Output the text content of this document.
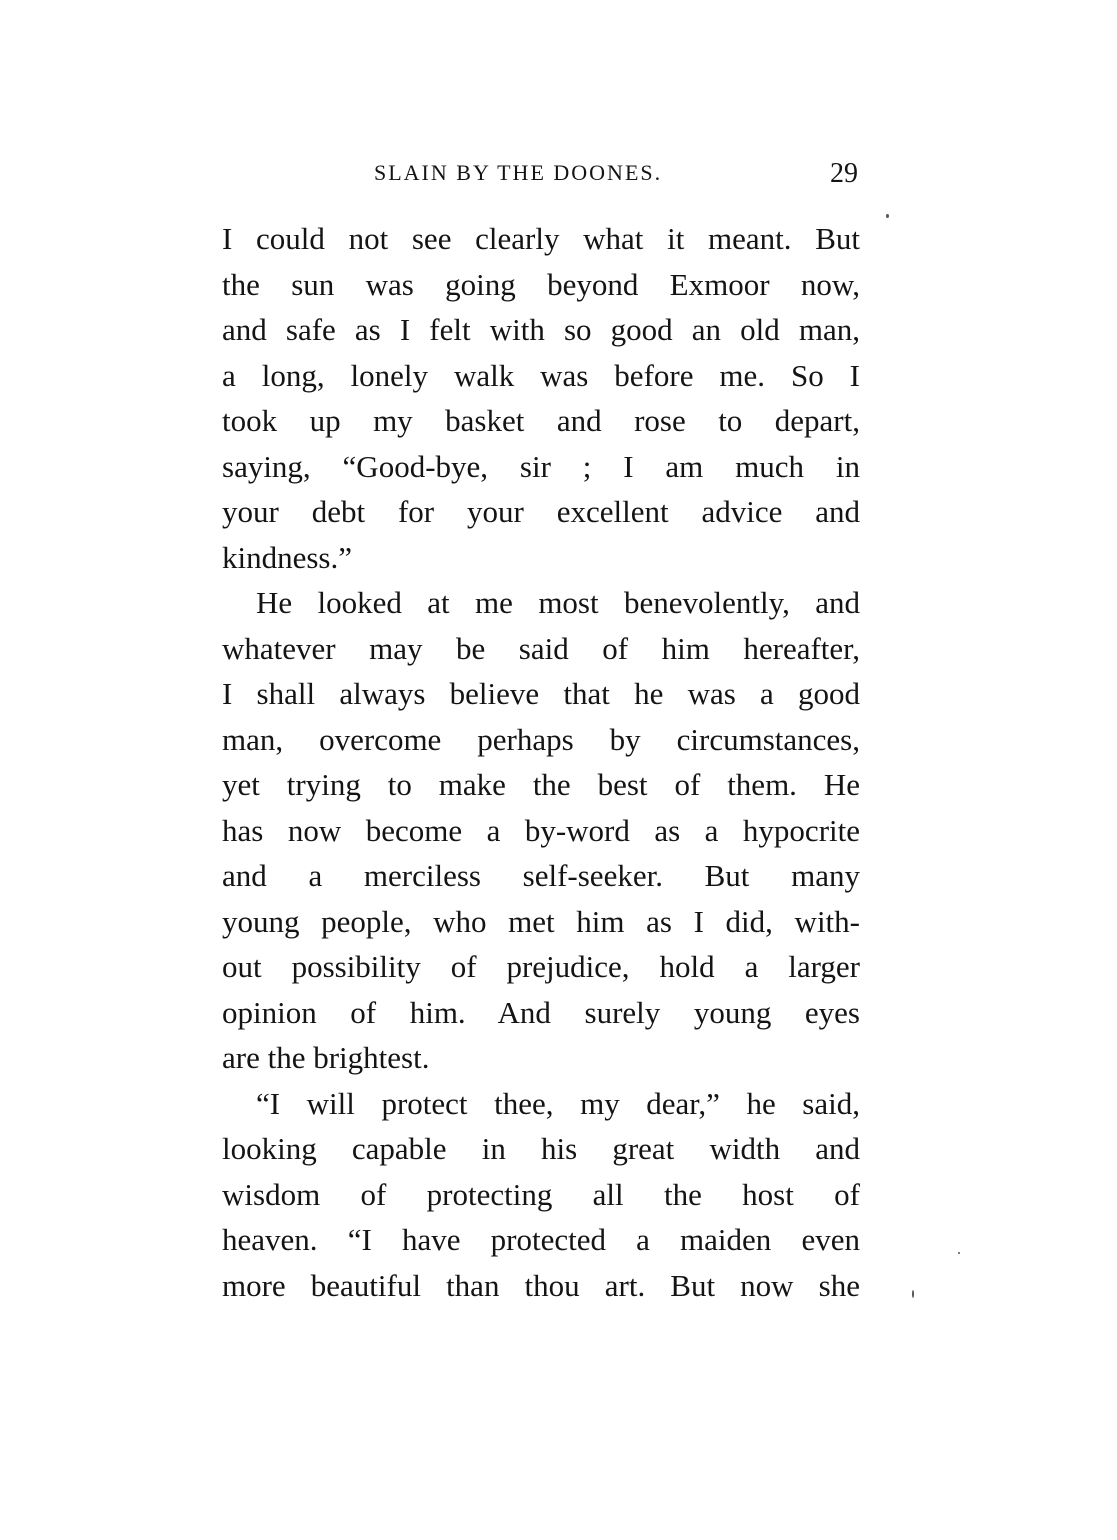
SLAIN BY THE DOONES.	29
I could not see clearly what it meant. But
the sun was going beyond Exmoor now,
and safe as I felt with so good an old man,
a long, lonely walk was before me. So I
took up my basket and rose to depart,
saying, “Good-bye, sir ; I am much in
your debt for your excellent advice and
kindness.”
He looked at me most benevolently, and
whatever may be said of him hereafter,
I shall always believe that he was a good
man, overcome perhaps by circumstances,
yet trying to make the best of them. He
has now become a by-word as a hypocrite
and a merciless self-seeker. But many
young people, who met him as I did, with-
out possibility of prejudice, hold a larger
opinion of him. And surely young eyes
are the brightest.
“I will protect thee, my dear,” he said,
looking capable in his great width and
wisdom of protecting all the host of
heaven. “I have protected a maiden even
more beautiful than thou art. But now she
